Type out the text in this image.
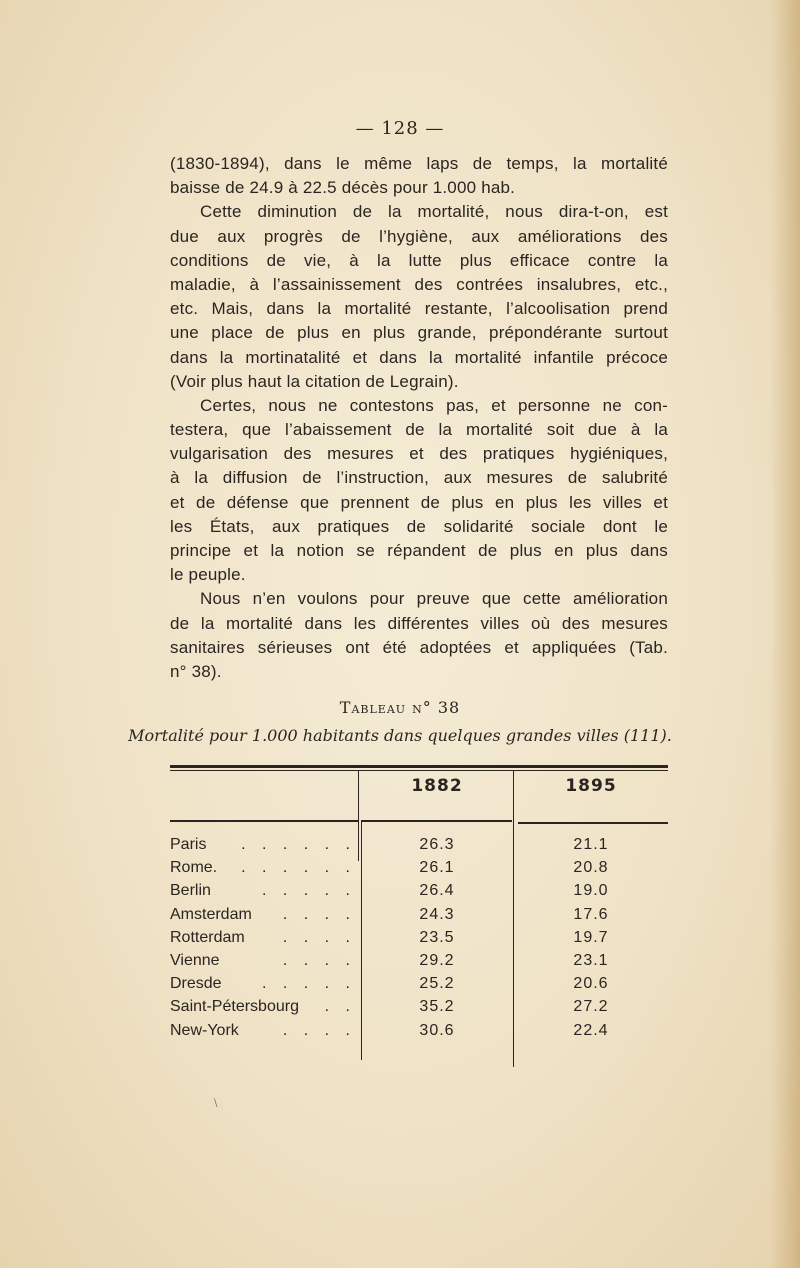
— 128 —
(1830-1894), dans le même laps de temps, la mortalité
baisse de 24.9 à 22.5 décès pour 1.000 hab.
Cette diminution de la mortalité, nous dira-t-on, est
due aux progrès de l’hygiène, aux améliorations des
conditions de vie, à la lutte plus efficace contre la
maladie, à l’assainissement des contrées insalubres, etc.,
etc. Mais, dans la mortalité restante, l’alcoolisation prend
une place de plus en plus grande, prépondérante surtout
dans la mortinatalité et dans la mortalité infantile précoce
(Voir plus haut la citation de Legrain).
Certes, nous ne contestons pas, et personne ne con-
testera, que l’abaissement de la mortalité soit due à la
vulgarisation des mesures et des pratiques hygiéniques,
à la diffusion de l’instruction, aux mesures de salubrité
et de défense que prennent de plus en plus les villes et
les États, aux pratiques de solidarité sociale dont le
principe et la notion se répandent de plus en plus dans
le peuple.
Nous n’en voulons pour preuve que cette amélioration
de la mortalité dans les différentes villes où des mesures
sanitaires sérieuses ont été adoptées et appliquées (Tab.
n° 38).
Tableau n° 38
Mortalité pour 1.000 habitants dans quelques grandes villes (111).
1882	1895
Paris	. . . . . .	26.3	21.1
Rome.	. . . . . .	26.1	20.8
Berlin	. . . . .	26.4	19.0
Amsterdam	. . . .	24.3	17.6
Rotterdam	. . . .	23.5	19.7
Vienne	. . . .	29.2	23.1
Dresde	. . . . .	25.2	20.6
Saint-Pétersbourg	. .	35.2	27.2
New-York	. . . .	30.6	22.4
\
